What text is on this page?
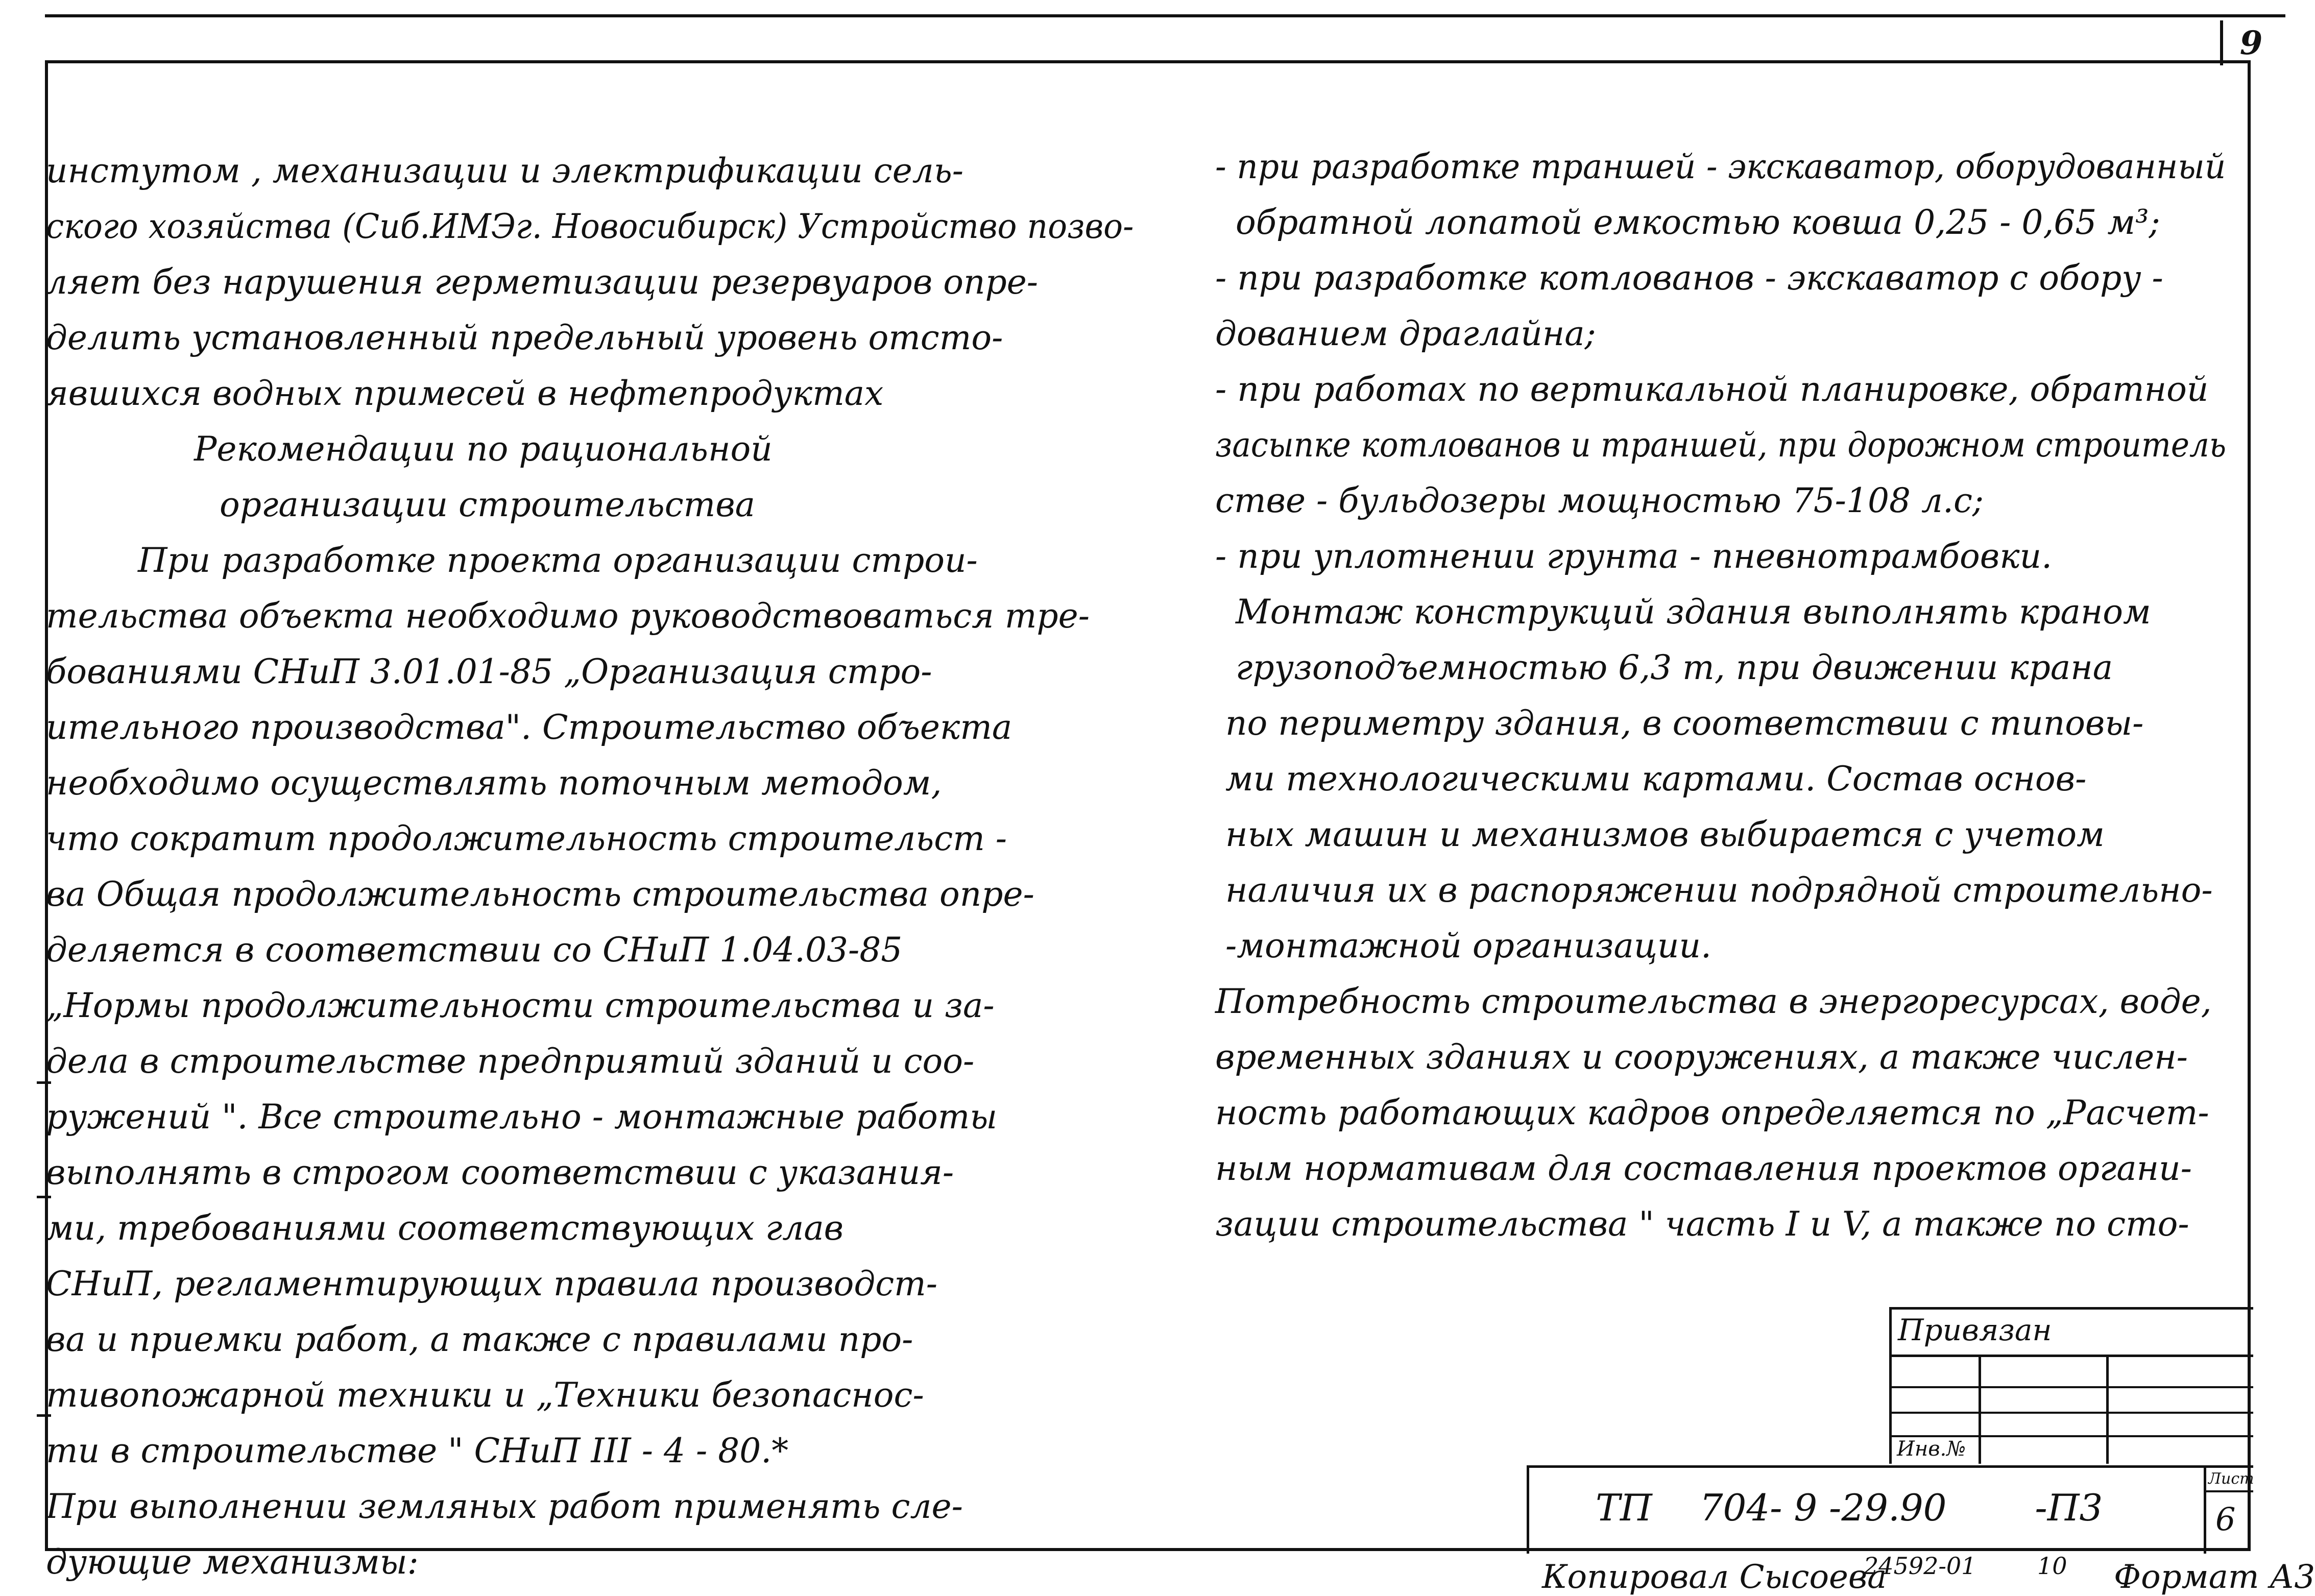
9
инстутом , механизации и электрификации сель-
ского хозяйства (Сиб.ИМЭг. Новосибирск) Устройство позво-
ляет без нарушения герметизации резервуаров опре-
делить установленный предельный уровень отсто-
явшихся водных примесей в нефтепродуктах
Рекомендации по рациональной
организации строительства
При разработке проекта организации строи-
тельства объекта необходимо руководствоваться тре-
бованиями СНиП 3.01.01-85 „Организация стро-
ительного производства". Строительство объекта
необходимо осуществлять поточным методом,
что сократит продолжительность строительст -
ва Общая продолжительность строительства опре-
деляется в соответствии со СНиП 1.04.03-85
„Нормы продолжительности строительства и за-
дела в строительстве предприятий зданий и соо-
ружений ". Все строительно - монтажные работы
выполнять в строгом соответствии с указания-
ми, требованиями соответствующих глав
СНиП, регламентирующих правила производст-
ва и приемки работ, а также с правилами про-
тивопожарной техники и „Техники безопаснос-
ти в строительстве " СНиП III - 4 - 80.*
При выполнении земляных работ применять сле-
дующие механизмы:
- при разработке траншей - экскаватор, оборудованный
обратной лопатой емкостью ковша 0,25 - 0,65 м³;
- при разработке котлованов - экскаватор с обору -
дованием драглайна;
- при работах по вертикальной планировке, обратной
засыпке котлованов и траншей, при дорожном строитель
стве - бульдозеры мощностью 75-108 л.с;
- при уплотнении грунта - пневнотрамбовки.
Монтаж конструкций здания выполнять краном
грузоподъемностью 6,3 т, при движении крана
по периметру здания, в соответствии с типовы-
ми технологическими картами. Состав основ-
ных машин и механизмов выбирается с учетом
наличия их в распоряжении подрядной строительно-
-монтажной организации.
Потребность строительства в энергоресурсах, воде,
временных зданиях и сооружениях, а также числен-
ность работающих кадров определяется по „Расчет-
ным нормативам для составления проектов органи-
зации строительства " часть I и V, а также по сто-
Привязан
Инв.№
ТП 704- 9 -29.90 -П3
Лист
6
Копировал Сысоева
24592-01	10 Формат А3
